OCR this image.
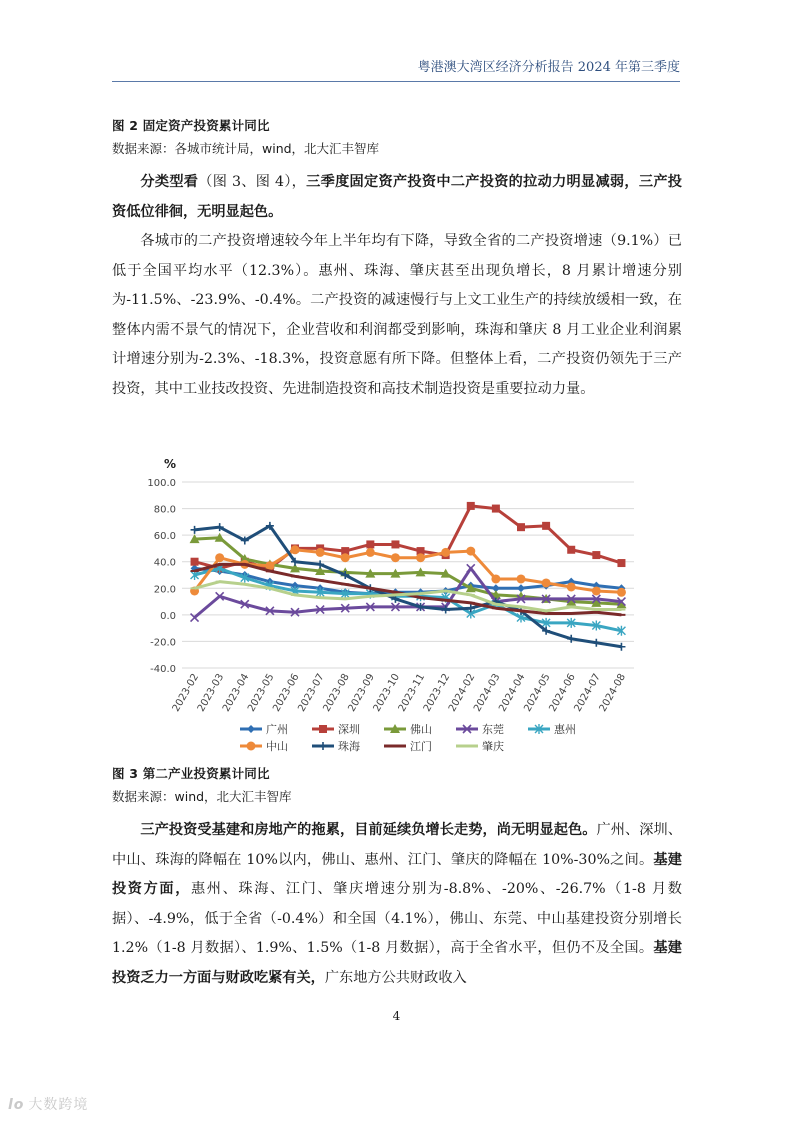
粤港澳大湾区经济分析报告 2024 年第三季度
图 2 固定资产投资累计同比
数据来源：各城市统计局，wind，北大汇丰智库

分类型看（图 3、图 4），三季度固定资产投资中二产投资的拉动力明显减弱，三产投资低位徘徊，无明显起色。

各城市的二产投资增速较今年上半年均有下降，导致全省的二产投资增速（9.1%）已低于全国平均水平（12.3%）。惠州、珠海、肇庆甚至出现负增长，8 月累计增速分别为-11.5%、-23.9%、-0.4%。二产投资的减速慢行与上文工业生产的持续放缓相一致，在整体内需不景气的情况下，企业营收和利润都受到影响，珠海和肇庆 8 月工业企业利润累计增速分别为-2.3%、-18.3%，投资意愿有所下降。但整体上看，二产投资仍领先于三产投资，其中工业技改投资、先进制造投资和高技术制造投资是重要拉动力量。

%
100.0
80.0
60.0
40.0
20.0
0.0
-20.0
-40.0
2023-02
2023-03
2023-04
2023-05
2023-06
2023-07
2023-08
2023-09
2023-10
2023-11
2023-12
2024-02
2024-03
2024-04
2024-05
2024-06
2024-07
2024-08
广州	深圳	佛山	东莞	惠州
中山	珠海	江门	肇庆
图 3 第二产业投资累计同比
数据来源：wind，北大汇丰智库

三产投资受基建和房地产的拖累，目前延续负增长走势，尚无明显起色。广州、深圳、中山、珠海的降幅在 10%以内，佛山、惠州、江门、肇庆的降幅在 10%-30%之间。基建投资方面，惠州、珠海、江门、肇庆增速分别为-8.8%、-20%、-26.7%（1-8 月数据）、-4.9%，低于全省（-0.4%）和全国（4.1%），佛山、东莞、中山基建投资分别增长 1.2%（1-8 月数据）、1.9%、1.5%（1-8 月数据），高于全省水平，但仍不及全国。基建投资乏力一方面与财政吃紧有关，广东地方公共财政收入

4
lo 大数跨境
